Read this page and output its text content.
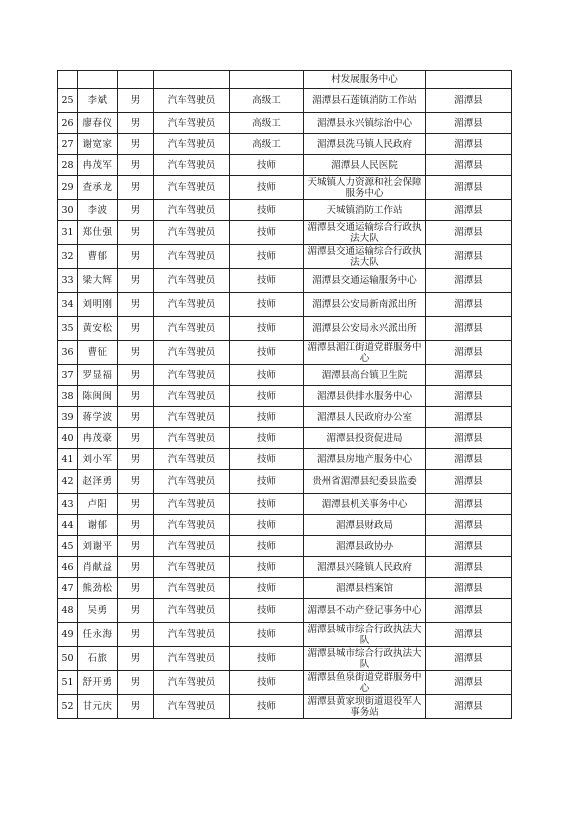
					村发展服务中心	
25	李斌	男	汽车驾驶员	高级工	湄潭县石莲镇消防工作站	湄潭县
26	廖春仪	男	汽车驾驶员	高级工	湄潭县永兴镇综治中心	湄潭县
27	谢宽家	男	汽车驾驶员	高级工	湄潭县洗马镇人民政府	湄潭县
28	冉茂军	男	汽车驾驶员	技师	湄潭县人民医院	湄潭县
29	查承龙	男	汽车驾驶员	技师	天城镇人力资源和社会保障服务中心	湄潭县
30	李波	男	汽车驾驶员	技师	天城镇消防工作站	湄潭县
31	郑仕强	男	汽车驾驶员	技师	湄潭县交通运输综合行政执法大队	湄潭县
32	曹郁	男	汽车驾驶员	技师	湄潭县交通运输综合行政执法大队	湄潭县
33	梁大辉	男	汽车驾驶员	技师	湄潭县交通运输服务中心	湄潭县
34	刘明刚	男	汽车驾驶员	技师	湄潭县公安局新南派出所	湄潭县
35	黄安松	男	汽车驾驶员	技师	湄潭县公安局永兴派出所	湄潭县
36	曹征	男	汽车驾驶员	技师	湄潭县湄江街道党群服务中心	湄潭县
37	罗显福	男	汽车驾驶员	技师	湄潭县高台镇卫生院	湄潭县
38	陈闽闽	男	汽车驾驶员	技师	湄潭县供排水服务中心	湄潭县
39	蒋学波	男	汽车驾驶员	技师	湄潭县人民政府办公室	湄潭县
40	冉茂豪	男	汽车驾驶员	技师	湄潭县投资促进局	湄潭县
41	刘小军	男	汽车驾驶员	技师	湄潭县房地产服务中心	湄潭县
42	赵泽勇	男	汽车驾驶员	技师	贵州省湄潭县纪委县监委	湄潭县
43	卢阳	男	汽车驾驶员	技师	湄潭县机关事务中心	湄潭县
44	谢郁	男	汽车驾驶员	技师	湄潭县财政局	湄潭县
45	刘谢平	男	汽车驾驶员	技师	湄潭县政协办	湄潭县
46	肖献益	男	汽车驾驶员	技师	湄潭县兴隆镇人民政府	湄潭县
47	熊劲松	男	汽车驾驶员	技师	湄潭县档案馆	湄潭县
48	吴勇	男	汽车驾驶员	技师	湄潭县不动产登记事务中心	湄潭县
49	任永海	男	汽车驾驶员	技师	湄潭县城市综合行政执法大队	湄潭县
50	石旅	男	汽车驾驶员	技师	湄潭县城市综合行政执法大队	湄潭县
51	舒开勇	男	汽车驾驶员	技师	湄潭县鱼泉街道党群服务中心	湄潭县
52	甘元庆	男	汽车驾驶员	技师	湄潭县黄家坝街道退役军人事务站	湄潭县
